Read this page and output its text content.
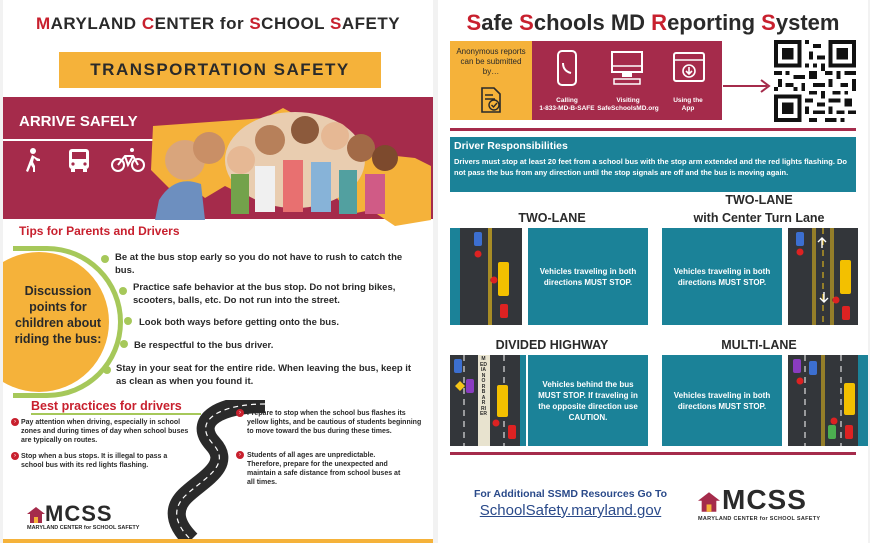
MARYLAND CENTER for SCHOOL SAFETY
TRANSPORTATION SAFETY
ARRIVE SAFELY
Tips for Parents and Drivers
Discussion points for children about riding the bus:
Be at the bus stop early so you do not have to rush to catch the bus.
Practice safe behavior at the bus stop. Do not bring bikes, scooters, balls, etc. Do not run into the street.
Look both ways before getting onto the bus.
Be respectful to the bus driver.
Stay in your seat for the entire ride. When leaving the bus, keep it as clean as when you found it.
Best practices for drivers
› Pay attention when driving, especially in school zones and during times of day when school buses are typically on routes.
› Stop when a bus stops. It is illegal to pass a school bus with its red lights flashing.
› Prepare to stop when the school bus flashes its yellow lights, and be cautious of students beginning to move toward the bus during these times.
› Students of all ages are unpredictable. Therefore, prepare for the unexpected and maintain a safe distance from school buses at all times.
MCSS
MARYLAND CENTER for SCHOOL SAFETY
Safe Schools MD Reporting System
Anonymous reports can be submitted by…
Calling
1-833-MD-B-SAFE
Visiting
SafeSchoolsMD.org
Using the
App
Driver Responsibilities
Drivers must stop at least 20 feet from a school bus with the stop arm extended and the red lights flashing. Do not pass the bus from any direction until the stop signals are off and the bus is moving again.
TWO-LANE
Vehicles traveling in both directions MUST STOP.
TWO-LANE
with Center Turn Lane
Vehicles traveling in both directions MUST STOP.
DIVIDED HIGHWAY
MEDIAN OR BARRIER
Vehicles behind the bus MUST STOP. If traveling in the opposite direction use CAUTION.
MULTI-LANE
Vehicles traveling in both directions MUST STOP.
For Additional SSMD Resources Go To
SchoolSafety.maryland.gov	MCSS
MARYLAND CENTER for SCHOOL SAFETY
